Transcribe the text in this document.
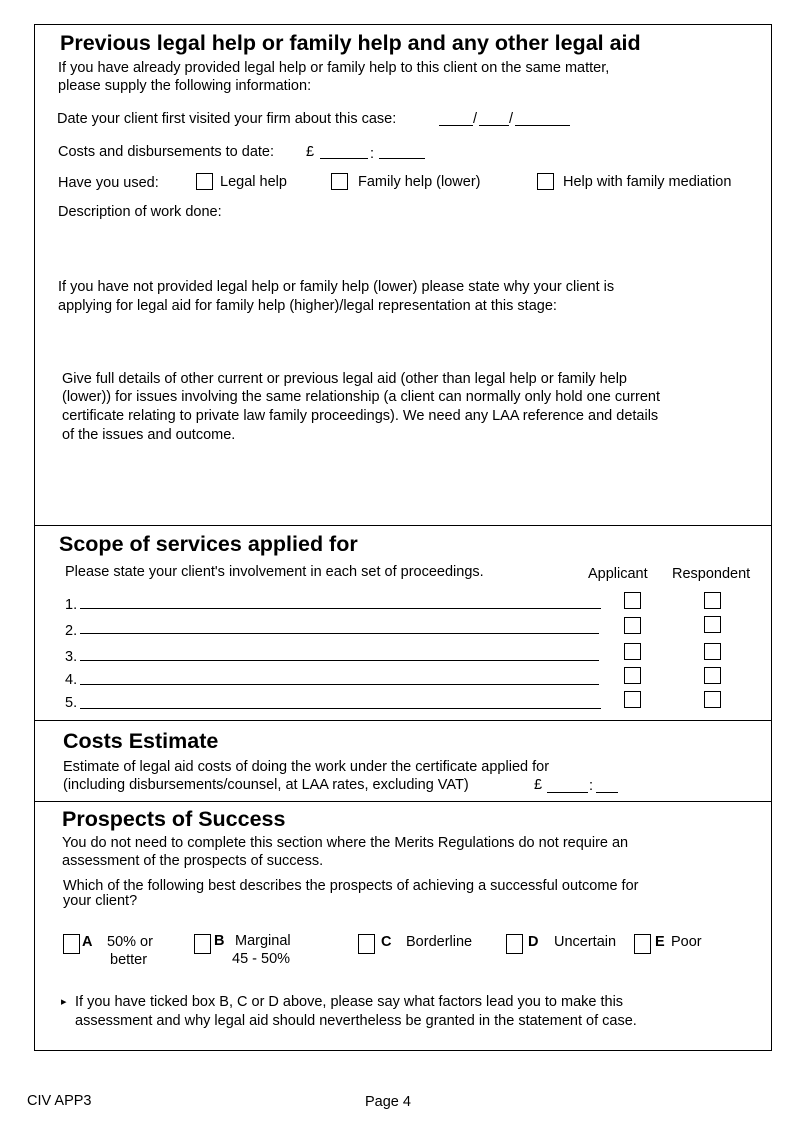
Previous legal help or family help and any other legal aid
If you have already provided legal help or family help to this client on the same matter,
please supply the following information:
Date your client first visited your firm about this case:	/ /
Costs and disbursements to date: £	:
Have you used:	Legal help	Family help (lower)	Help with family mediation
Description of work done:
If you have not provided legal help or family help (lower) please state why your client is
applying for legal aid for family help (higher)/legal representation at this stage:
Give full details of other current or previous legal aid (other than legal help or family help
(lower)) for issues involving the same relationship (a client can normally only hold one current
certificate relating to private law family proceedings). We need any LAA reference and details
of the issues and outcome.
Scope of services applied for
Please state your client's involvement in each set of proceedings.	Applicant Respondent
1.
2.
3.
4.
5.
Costs Estimate
Estimate of legal aid costs of doing the work under the certificate applied for
(including disbursements/counsel, at LAA rates, excluding VAT)	£	:
Prospects of Success
You do not need to complete this section where the Merits Regulations do not require an
assessment of the prospects of success.
Which of the following best describes the prospects of achieving a successful outcome for
your client?
A 50% or
better
B Marginal
45 - 50%
C Borderline	D Uncertain	E Poor
▸ If you have ticked box B, C or D above, please say what factors lead you to make this
assessment and why legal aid should nevertheless be granted in the statement of case.
CIV APP3	Page 4
